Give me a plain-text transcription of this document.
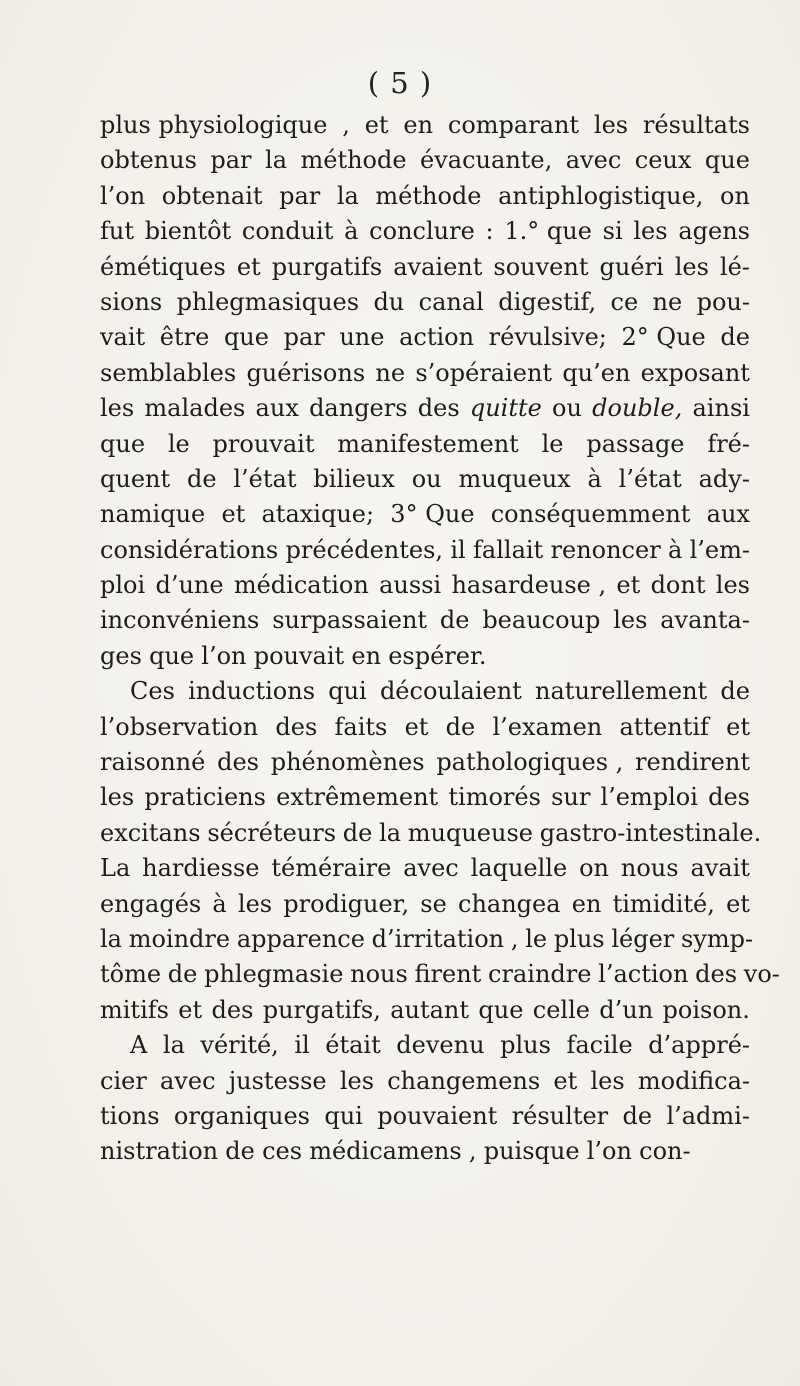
( 5 )
plus physiologique , et en comparant les résultats
obtenus par la méthode évacuante, avec ceux que
l’on obtenait par la méthode antiphlogistique, on
fut bientôt conduit à conclure : 1.° que si les agens
émétiques et purgatifs avaient souvent guéri les lé-
sions phlegmasiques du canal digestif, ce ne pou-
vait être que par une action révulsive; 2° Que de
semblables guérisons ne s’opéraient qu’en exposant
les malades aux dangers des quitte ou double, ainsi
que le prouvait manifestement le passage fré-
quent de l’état bilieux ou muqueux à l’état ady-
namique et ataxique; 3° Que conséquemment aux
considérations précédentes, il fallait renoncer à l’em-
ploi d’une médication aussi hasardeuse , et dont les
inconvéniens surpassaient de beaucoup les avanta-
ges que l’on pouvait en espérer.
Ces inductions qui découlaient naturellement de
l’observation des faits et de l’examen attentif et
raisonné des phénomènes pathologiques , rendirent
les praticiens extrêmement timorés sur l’emploi des
excitans sécréteurs de la muqueuse gastro-intestinale.
La hardiesse téméraire avec laquelle on nous avait
engagés à les prodiguer, se changea en timidité, et
la moindre apparence d’irritation , le plus léger symp-
tôme de phlegmasie nous firent craindre l’action des vo-
mitifs et des purgatifs, autant que celle d’un poison.
A la vérité, il était devenu plus facile d’appré-
cier avec justesse les changemens et les modifica-
tions organiques qui pouvaient résulter de l’admi-
nistration de ces médicamens , puisque l’on con-
